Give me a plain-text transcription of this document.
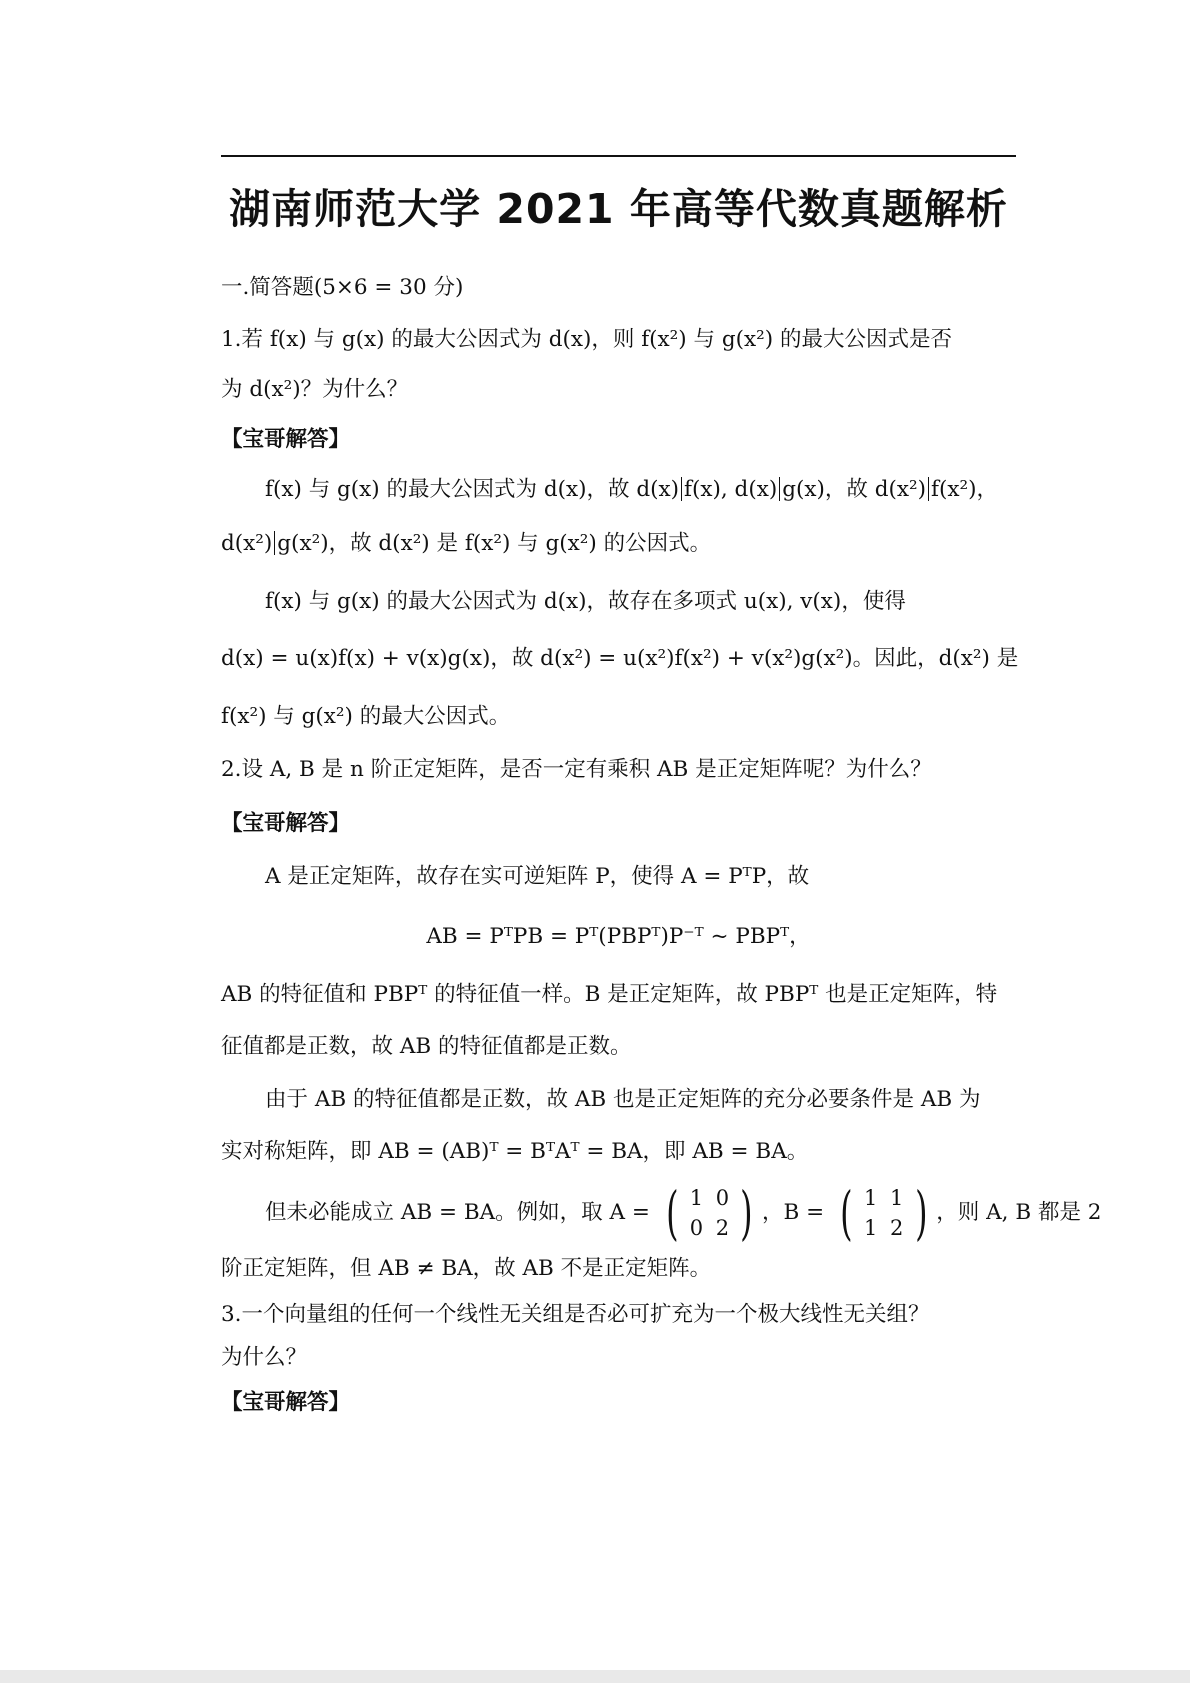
湖南师范大学 2021 年高等代数真题解析
一.简答题(5×6 = 30 分)
1.若 f(x) 与 g(x) 的最大公因式为 d(x)，则 f(x²) 与 g(x²) 的最大公因式是否
为 d(x²)？为什么？
【宝哥解答】
f(x) 与 g(x) 的最大公因式为 d(x)，故 d(x) f(x), d(x) g(x)，故 d(x²) f(x²)，
d(x²) g(x²)，故 d(x²) 是 f(x²) 与 g(x²) 的公因式。
f(x) 与 g(x) 的最大公因式为 d(x)，故存在多项式 u(x), v(x)，使得
d(x) = u(x)f(x) + v(x)g(x)，故 d(x²) = u(x²)f(x²) + v(x²)g(x²)。因此，d(x²) 是
f(x²) 与 g(x²) 的最大公因式。
2.设 A, B 是 n 阶正定矩阵，是否一定有乘积 AB 是正定矩阵呢？为什么？
【宝哥解答】
A 是正定矩阵，故存在实可逆矩阵 P，使得 A = PᵀP，故
AB = PᵀPB = Pᵀ(PBPᵀ)P⁻ᵀ ~ PBPᵀ，
AB 的特征值和 PBPᵀ 的特征值一样。B 是正定矩阵，故 PBPᵀ 也是正定矩阵，特
征值都是正数，故 AB 的特征值都是正数。
由于 AB 的特征值都是正数，故 AB 也是正定矩阵的充分必要条件是 AB 为
实对称矩阵，即 AB = (AB)ᵀ = BᵀAᵀ = BA，即 AB = BA。
但未必能成立 AB = BA。例如，取 A = ( 1 0
0 2 ) ，B = ( 1 1
1 2 ) ，则 A, B 都是 2
阶正定矩阵，但 AB ≠ BA，故 AB 不是正定矩阵。
3.一个向量组的任何一个线性无关组是否必可扩充为一个极大线性无关组？
为什么？
【宝哥解答】
